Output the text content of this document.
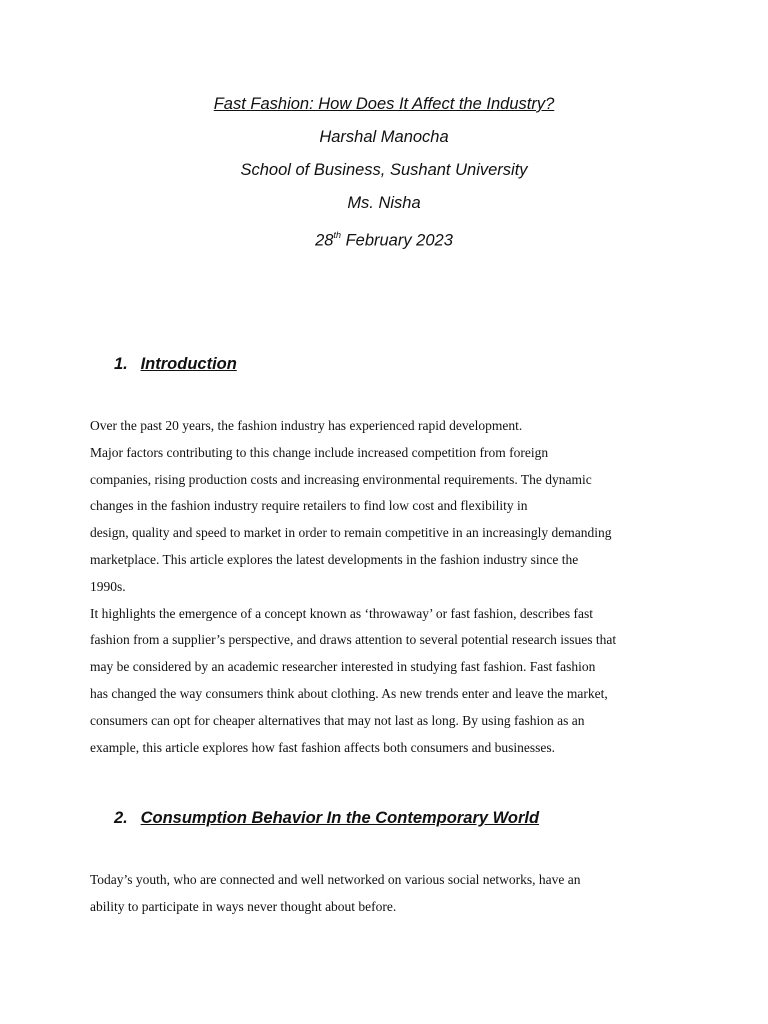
Fast Fashion: How Does It Affect the Industry?
Harshal Manocha
School of Business, Sushant University
Ms. Nisha
28th February 2023
1. Introduction
Over the past 20 years, the fashion industry has experienced rapid development.
Major factors contributing to this change include increased competition from foreign
companies, rising production costs and increasing environmental requirements. The dynamic
changes in the fashion industry require retailers to find low cost and flexibility in
design, quality and speed to market in order to remain competitive in an increasingly demanding
marketplace. This article explores the latest developments in the fashion industry since the
1990s.
It highlights the emergence of a concept known as ‘throwaway’ or fast fashion, describes fast
fashion from a supplier’s perspective, and draws attention to several potential research issues that
may be considered by an academic researcher interested in studying fast fashion. Fast fashion
has changed the way consumers think about clothing. As new trends enter and leave the market,
consumers can opt for cheaper alternatives that may not last as long. By using fashion as an
example, this article explores how fast fashion affects both consumers and businesses.
2. Consumption Behavior In the Contemporary World
Today’s youth, who are connected and well networked on various social networks, have an
ability to participate in ways never thought about before.
